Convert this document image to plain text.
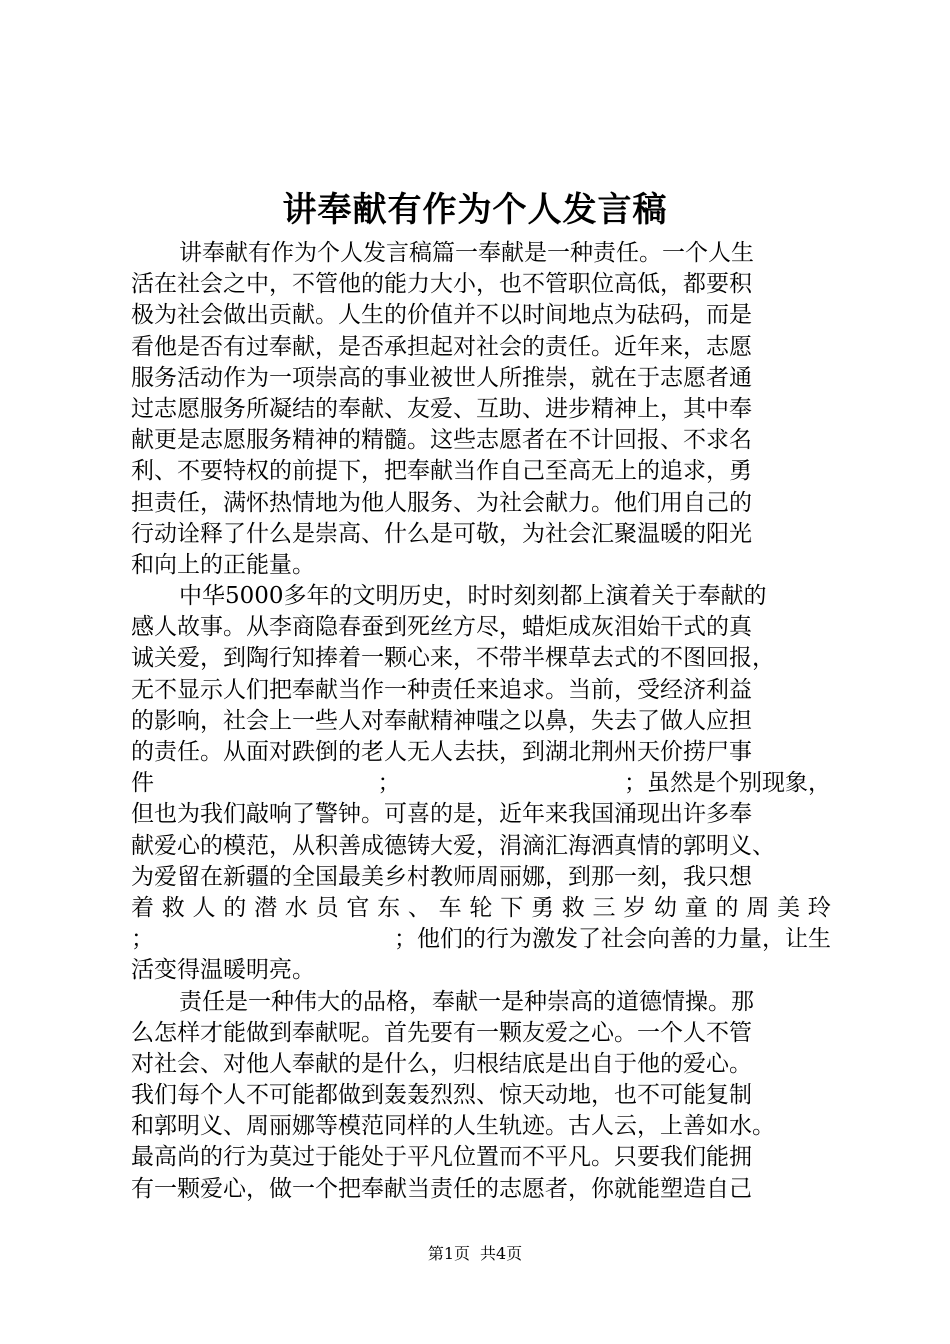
讲奉献有作为个人发言稿
讲奉献有作为个人发言稿篇一奉献是一种责任。一个人生
活在社会之中，不管他的能力大小，也不管职位高低，都要积
极为社会做出贡献。人生的价值并不以时间地点为砝码，而是
看他是否有过奉献，是否承担起对社会的责任。近年来，志愿
服务活动作为一项崇高的事业被世人所推崇，就在于志愿者通
过志愿服务所凝结的奉献、友爱、互助、进步精神上，其中奉
献更是志愿服务精神的精髓。这些志愿者在不计回报、不求名
利、不要特权的前提下，把奉献当作自己至高无上的追求，勇
担责任，满怀热情地为他人服务、为社会献力。他们用自己的
行动诠释了什么是崇高、什么是可敬，为社会汇聚温暖的阳光
和向上的正能量。
中华5000多年的文明历史，时时刻刻都上演着关于奉献的
感人故事。从李商隐春蚕到死丝方尽，蜡炬成灰泪始干式的真
诚关爱，到陶行知捧着一颗心来，不带半棵草去式的不图回报，
无不显示人们把奉献当作一种责任来追求。当前，受经济利益
的影响，社会上一些人对奉献精神嗤之以鼻，失去了做人应担
的责任。从面对跌倒的老人无人去扶，到湖北荆州天价捞尸事
件	；	；虽然是个别现象，
但也为我们敲响了警钟。可喜的是，近年来我国涌现出许多奉
献爱心的模范，从积善成德铸大爱，涓滴汇海洒真情的郭明义、
为爱留在新疆的全国最美乡村教师周丽娜，到那一刻，我只想
着 救 人 的 潜 水 员 官 东 、 车 轮 下 勇 救 三 岁 幼 童 的 周 美 玲
；	；他们的行为激发了社会向善的力量，让生
活变得温暖明亮。
责任是一种伟大的品格，奉献一是种崇高的道德情操。那
么怎样才能做到奉献呢。首先要有一颗友爱之心。一个人不管
对社会、对他人奉献的是什么，归根结底是出自于他的爱心。
我们每个人不可能都做到轰轰烈烈、惊天动地，也不可能复制
和郭明义、周丽娜等模范同样的人生轨迹。古人云，上善如水。
最高尚的行为莫过于能处于平凡位置而不平凡。只要我们能拥
有一颗爱心，做一个把奉献当责任的志愿者，你就能塑造自己
第1页 共4页
